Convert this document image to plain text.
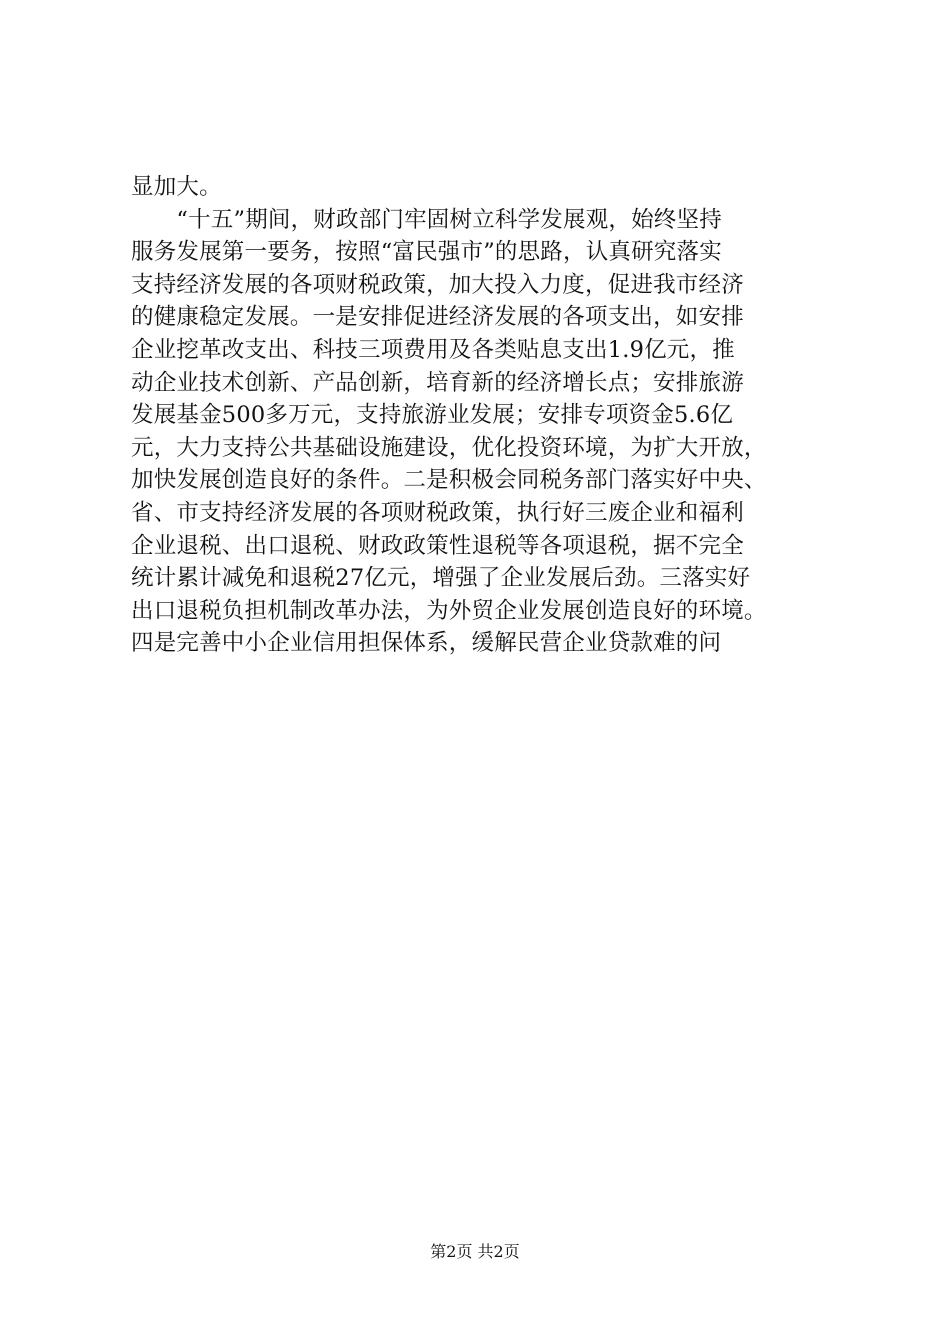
显加大。
　　“十五”期间，财政部门牢固树立科学发展观，始终坚持
服务发展第一要务，按照“富民强市”的思路，认真研究落实
支持经济发展的各项财税政策，加大投入力度，促进我市经济
的健康稳定发展。一是安排促进经济发展的各项支出，如安排
企业挖革改支出、科技三项费用及各类贴息支出1.9亿元，推
动企业技术创新、产品创新，培育新的经济增长点；安排旅游
发展基金500多万元，支持旅游业发展；安排专项资金5.6亿
元，大力支持公共基础设施建设，优化投资环境，为扩大开放，
加快发展创造良好的条件。二是积极会同税务部门落实好中央、
省、市支持经济发展的各项财税政策，执行好三废企业和福利
企业退税、出口退税、财政政策性退税等各项退税，据不完全
统计累计减免和退税27亿元，增强了企业发展后劲。三落实好
出口退税负担机制改革办法，为外贸企业发展创造良好的环境。
四是完善中小企业信用担保体系，缓解民营企业贷款难的问
第2页 共2页
